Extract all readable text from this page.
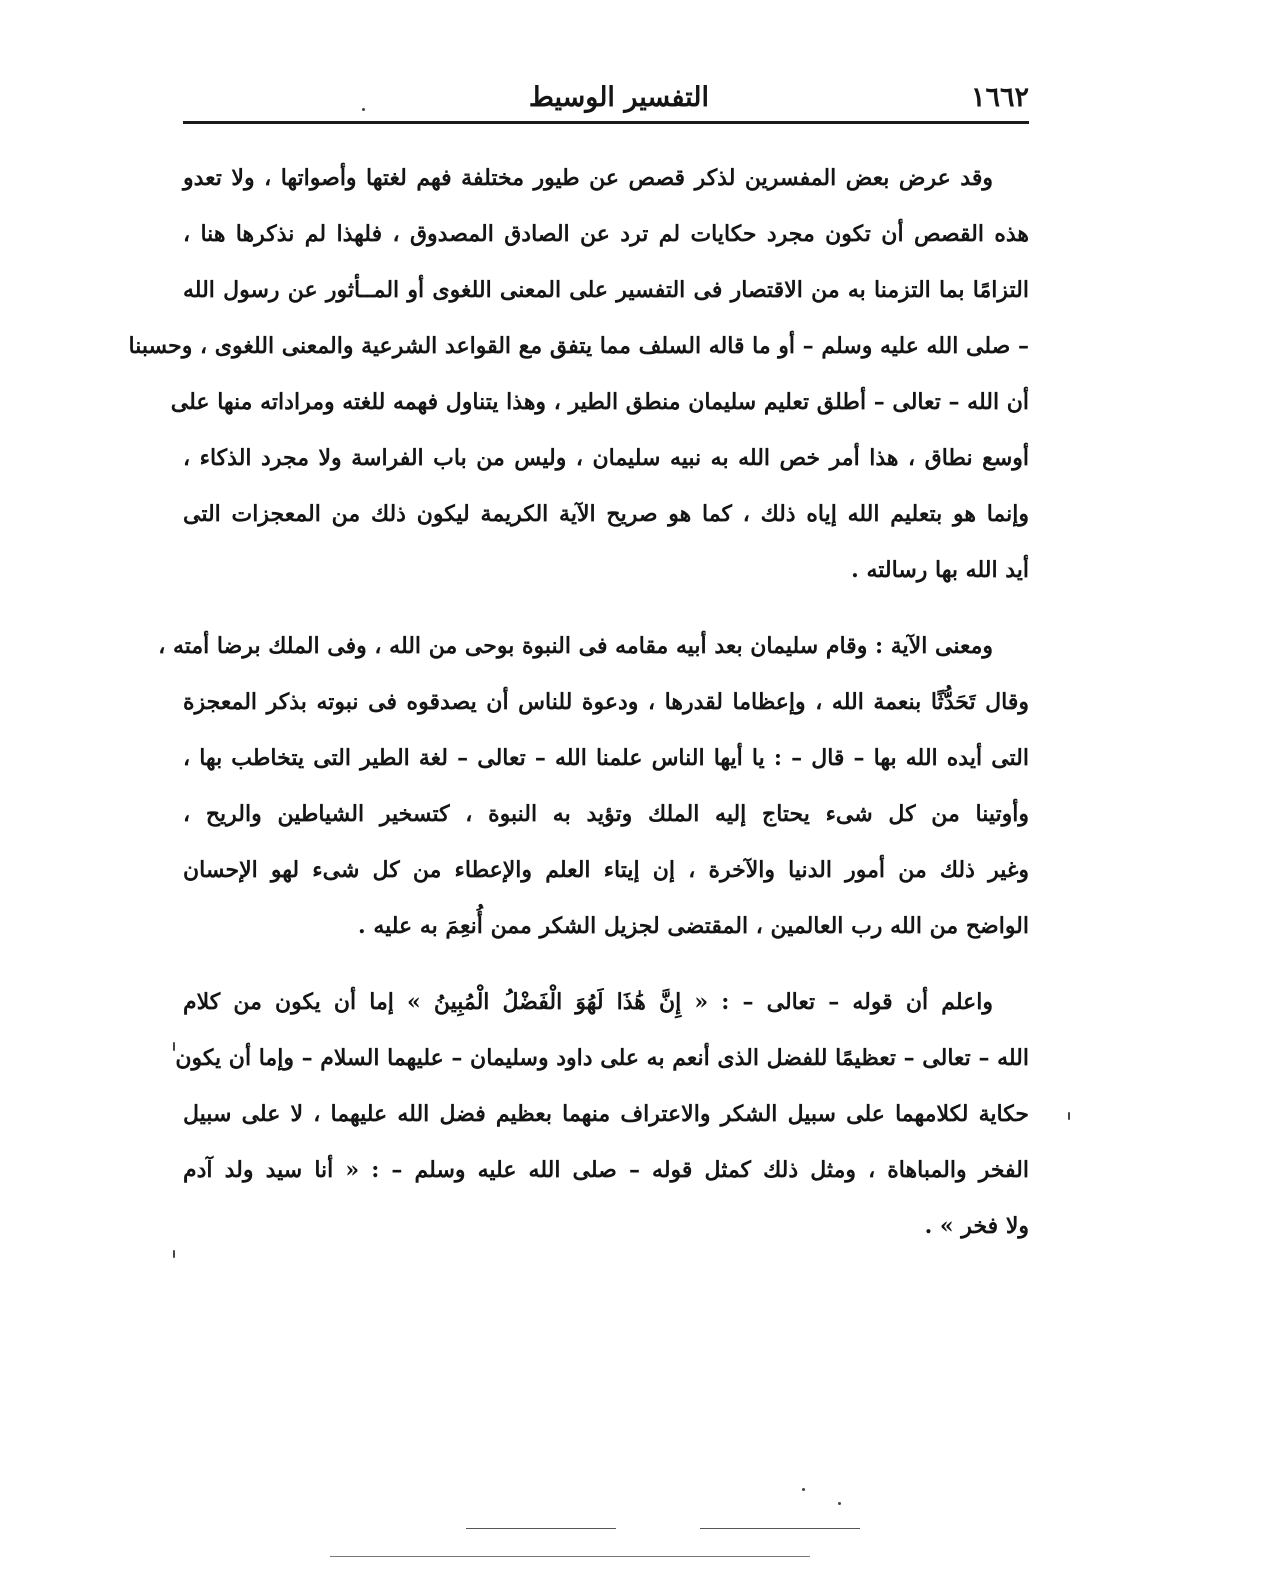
١٦٦٢
التفسير الوسيط
وقد عرض بعض المفسرين لذكر قصص عن طيور مختلفة فهم لغتها وأصواتها ، ولا تعدو
هذه القصص أن تكون مجرد حكايات لم ترد عن الصادق المصدوق ، فلهذا لم نذكرها هنا ،
التزامًا بما التزمنا به من الاقتصار فى التفسير على المعنى اللغوى أو المــأثور عن رسول الله
– صلى الله عليه وسلم – أو ما قاله السلف مما يتفق مع القواعد الشرعية والمعنى اللغوى ، وحسبنا
أن الله – تعالى – أطلق تعليم سليمان منطق الطير ، وهذا يتناول فهمه للغته ومراداته منها على
أوسع نطاق ، هذا أمر خص الله به نبيه سليمان ، وليس من باب الفراسة ولا مجرد الذكاء ،
وإنما هو بتعليم الله إياه ذلك ، كما هو صريح الآية الكريمة ليكون ذلك من المعجزات التى
أيد الله بها رسالته .
ومعنى الآية : وقام سليمان بعد أبيه مقامه فى النبوة بوحى من الله ، وفى الملك برضا أمته ،
وقال تَحَدُّثًا بنعمة الله ، وإعظاما لقدرها ، ودعوة للناس أن يصدقوه فى نبوته بذكر المعجزة
التى أيده الله بها – قال – : يا أيها الناس علمنا الله – تعالى – لغة الطير التى يتخاطب بها ،
وأوتينا من كل شىء يحتاج إليه الملك وتؤيد به النبوة ، كتسخير الشياطين والريح ،
وغير ذلك من أمور الدنيا والآخرة ، إن إيتاء العلم والإعطاء من كل شىء لهو الإحسان
الواضح من الله رب العالمين ، المقتضى لجزيل الشكر ممن أُنعِمَ به عليه .
واعلم أن قوله – تعالى – : « إِنَّ هَٰذَا لَهُوَ الْفَضْلُ الْمُبِينُ » إما أن يكون من كلام
الله – تعالى – تعظيمًا للفضل الذى أنعم به على داود وسليمان – عليهما السلام – وإما أن يكون
حكاية لكلامهما على سبيل الشكر والاعتراف منهما بعظيم فضل الله عليهما ، لا على سبيل
الفخر والمباهاة ، ومثل ذلك كمثل قوله – صلى الله عليه وسلم – : « أنا سيد ولد آدم
ولا فخر » .
